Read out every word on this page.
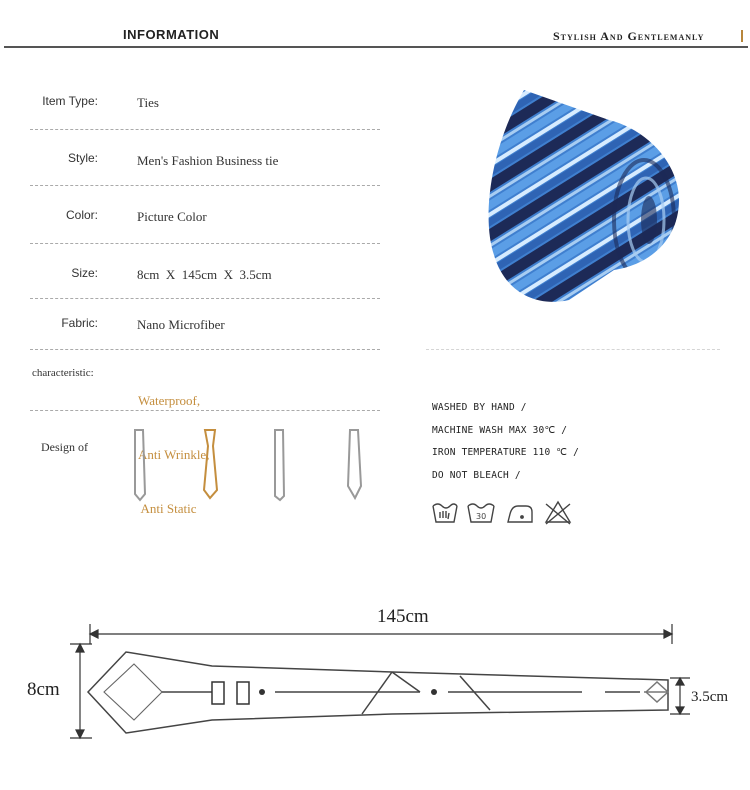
INFORMATION	Stylish And Gentlemanly
Item Type:	Ties
Style:	Men's Fashion Business tie
Color:	Picture Color
Size:	8cm  X  145cm  X  3.5cm
Fabric:	Nano Microfiber
characteristic:

Waterproof,

Anti Wrinkle,

Anti Static

Design of
WASHED BY HAND /
MACHINE WASH MAX 30℃ /
IRON TEMPERATURE 110 ℃ /
DO NOT BLEACH /
30
145cm
8cm	3.5cm
